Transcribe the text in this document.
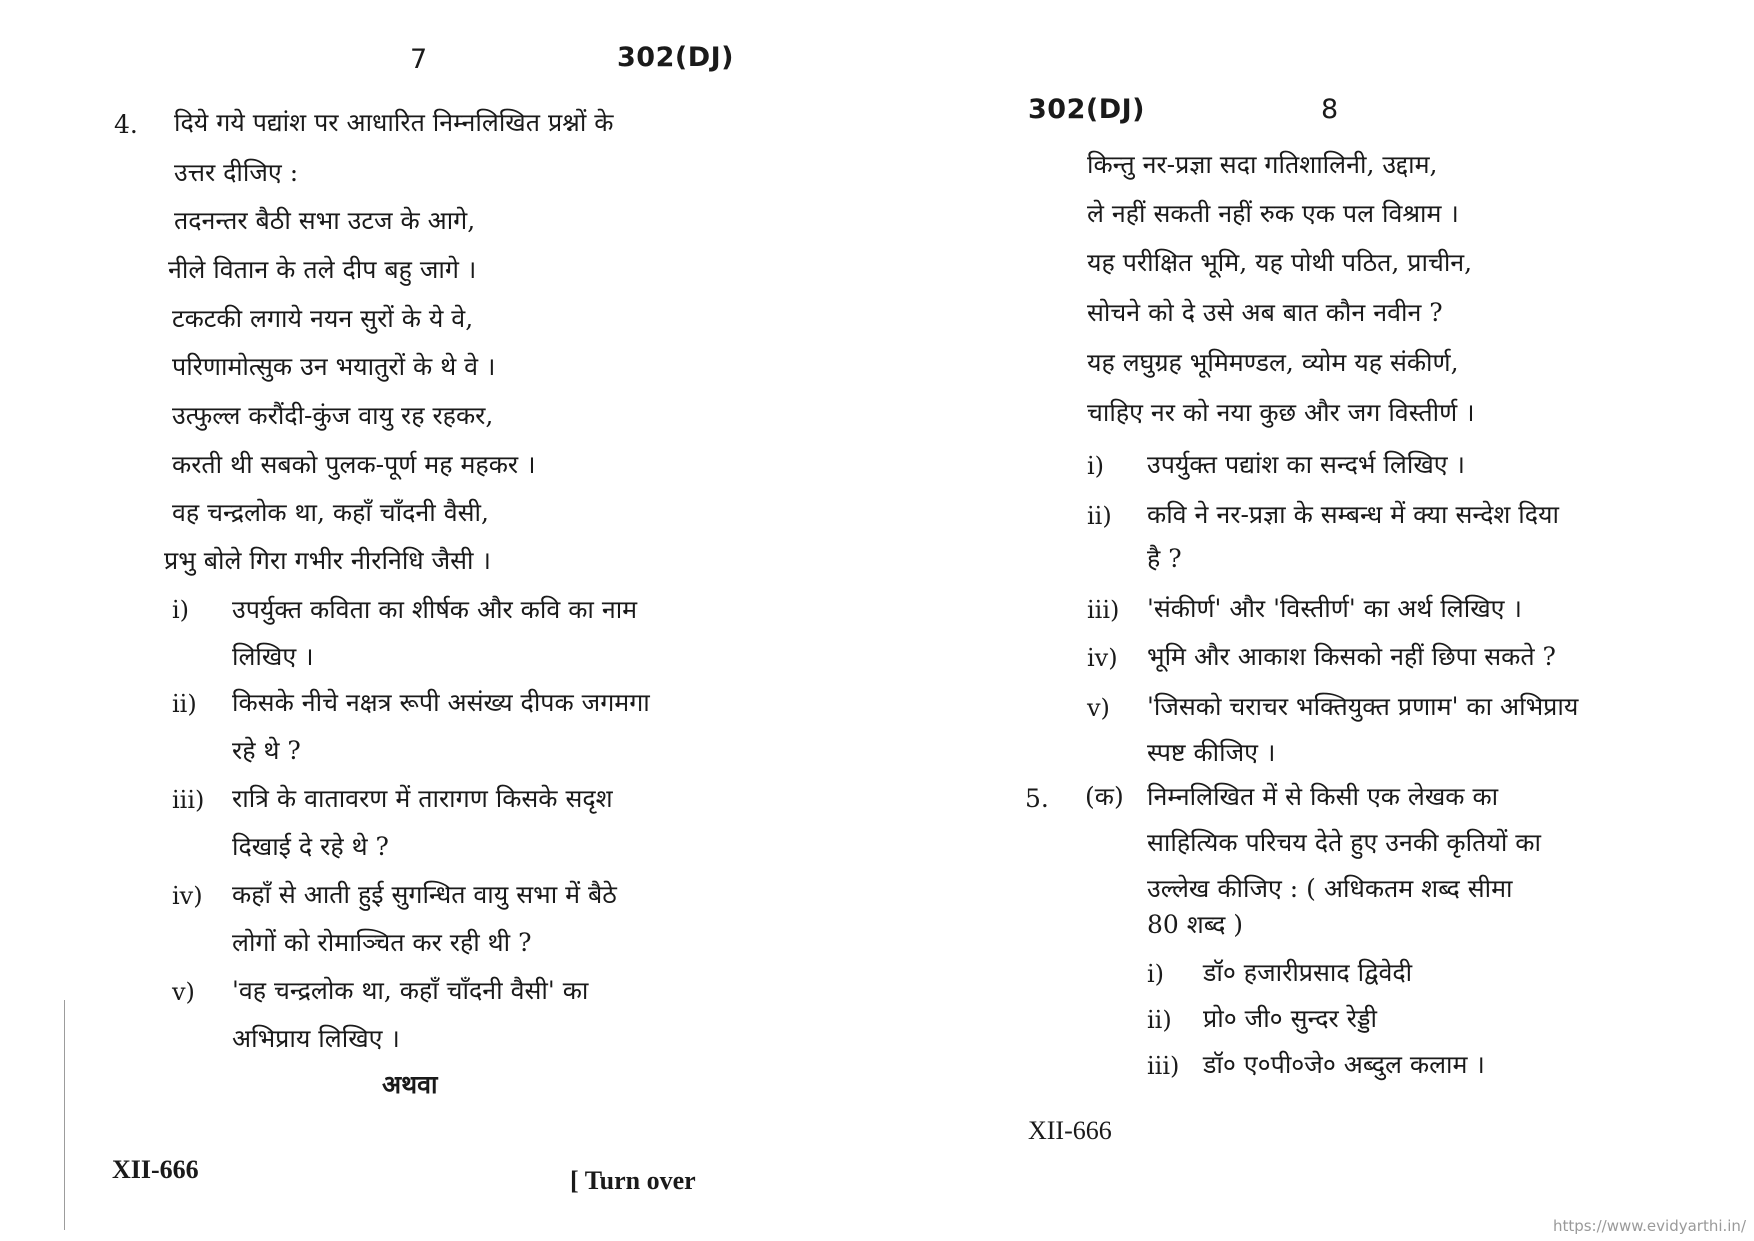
7	302(DJ)
4. दिये गये पद्यांश पर आधारित निम्नलिखित प्रश्नों के
उत्तर दीजिए :
तदनन्तर बैठी सभा उटज के आगे,
नीले वितान के तले दीप बहु जागे ।
टकटकी लगाये नयन सुरों के ये वे,
परिणामोत्सुक उन भयातुरों के थे वे ।
उत्फुल्ल करौंदी-कुंज वायु रह रहकर,
करती थी सबको पुलक-पूर्ण मह महकर ।
वह चन्द्रलोक था, कहाँ चाँदनी वैसी,
प्रभु बोले गिरा गभीर नीरनिधि जैसी ।
i) उपर्युक्त कविता का शीर्षक और कवि का नाम
लिखिए ।
ii) किसके नीचे नक्षत्र रूपी असंख्य दीपक जगमगा
रहे थे ?
iii) रात्रि के वातावरण में तारागण किसके सदृश
दिखाई दे रहे थे ?
iv) कहाँ से आती हुई सुगन्धित वायु सभा में बैठे
लोगों को रोमाञ्चित कर रही थी ?
v) 'वह चन्द्रलोक था, कहाँ चाँदनी वैसी' का
अभिप्राय लिखिए ।
अथवा
XII-666	[ Turn over
302(DJ)	8
किन्तु नर-प्रज्ञा सदा गतिशालिनी, उद्दाम,
ले नहीं सकती नहीं रुक एक पल विश्राम ।
यह परीक्षित भूमि, यह पोथी पठित, प्राचीन,
सोचने को दे उसे अब बात कौन नवीन ?
यह लघुग्रह भूमिमण्डल, व्योम यह संकीर्ण,
चाहिए नर को नया कुछ और जग विस्तीर्ण ।
i) उपर्युक्त पद्यांश का सन्दर्भ लिखिए ।
ii) कवि ने नर-प्रज्ञा के सम्बन्ध में क्या सन्देश दिया
है ?
iii) 'संकीर्ण' और 'विस्तीर्ण' का अर्थ लिखिए ।
iv) भूमि और आकाश किसको नहीं छिपा सकते ?
v) 'जिसको चराचर भक्तियुक्त प्रणाम' का अभिप्राय
स्पष्ट कीजिए ।
5. (क) निम्नलिखित में से किसी एक लेखक का
साहित्यिक परिचय देते हुए उनकी कृतियों का
उल्लेख कीजिए : ( अधिकतम शब्द सीमा
80 शब्द )
i) डॉ० हजारीप्रसाद द्विवेदी
ii) प्रो० जी० सुन्दर रेड्डी
iii) डॉ० ए०पी०जे० अब्दुल कलाम ।
XII-666
https://www.evidyarthi.in/
